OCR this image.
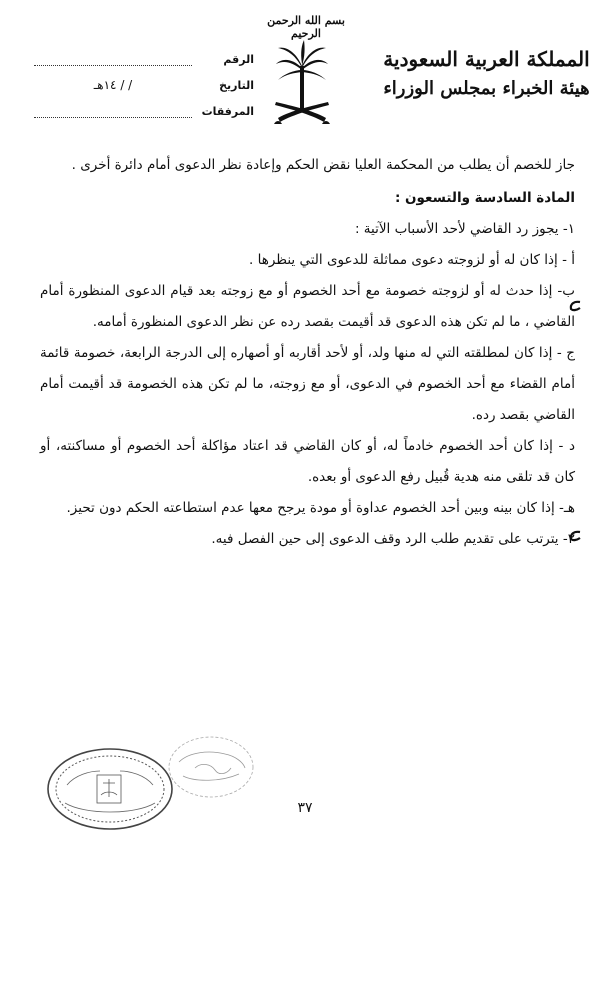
بسم الله الرحمن الرحيم
المملكة العربية السعودية
هيئة الخبراء بمجلس الوزراء
الرقم
التاريخ
/ / ١٤هـ
المرفقات

جاز للخصم أن يطلب من المحكمة العليا نقض الحكم وإعادة نظر الدعوى أمام دائرة أخرى .

المادة السادسة والتسعون :

١- يجوز رد القاضي لأحد الأسباب الآتية :

أ - إذا كان له أو لزوجته دعوى مماثلة للدعوى التي ينظرها .

ب- إذا حدث له أو لزوجته خصومة مع أحد الخصوم أو مع زوجته بعد قيام الدعوى المنظورة أمام القاضي ، ما لم تكن هذه الدعوى قد أقيمت بقصد رده عن نظر الدعوى المنظورة أمامه.

ج - إذا كان لمطلقته التي له منها ولد، أو لأحد أقاربه أو أصهاره إلى الدرجة الرابعة، خصومة قائمة أمام القضاء مع أحد الخصوم في الدعوى، أو مع زوجته، ما لم تكن هذه الخصومة قد أقيمت أمام القاضي بقصد رده.

د - إذا كان أحد الخصوم خادماً له، أو كان القاضي قد اعتاد مؤاكلة أحد الخصوم أو مساكنته، أو كان قد تلقى منه هدية قُبيل رفع الدعوى أو بعده.

هـ- إذا كان بينه وبين أحد الخصوم عداوة أو مودة يرجح معها عدم استطاعته الحكم دون تحيز.

٢- يترتب على تقديم طلب الرد وقف الدعوى إلى حين الفصل فيه.

٣٧
